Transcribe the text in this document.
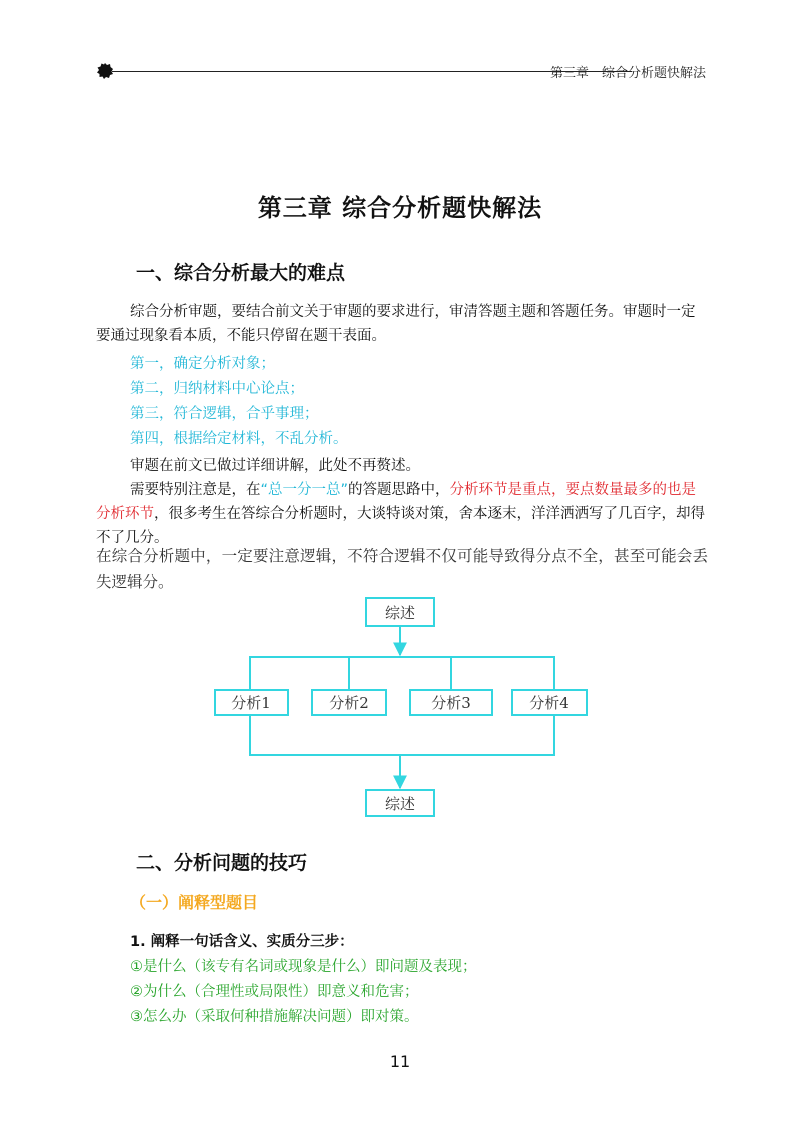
第三章　综合分析题快解法
第三章 综合分析题快解法
一、综合分析最大的难点
综合分析审题，要结合前文关于审题的要求进行，审清答题主题和答题任务。审题时一定要通过现象看本质，不能只停留在题干表面。
第一，确定分析对象；
第二，归纳材料中心论点；
第三，符合逻辑，合乎事理；
第四，根据给定材料，不乱分析。
审题在前文已做过详细讲解，此处不再赘述。
需要特别注意是，在“总一分一总”的答题思路中，分析环节是重点，要点数量最多的也是分析环节，很多考生在答综合分析题时，大谈特谈对策，舍本逐末，洋洋洒洒写了几百字，却得不了几分。
在综合分析题中，一定要注意逻辑，不符合逻辑不仅可能导致得分点不全，甚至可能会丢失逻辑分。
综述
分析1	分析2	分析3	分析4
综述
二、分析问题的技巧
（一）阐释型题目
1. 阐释一句话含义、实质分三步：
①是什么（该专有名词或现象是什么）即问题及表现；
②为什么（合理性或局限性）即意义和危害；
③怎么办（采取何种措施解决问题）即对策。
11
